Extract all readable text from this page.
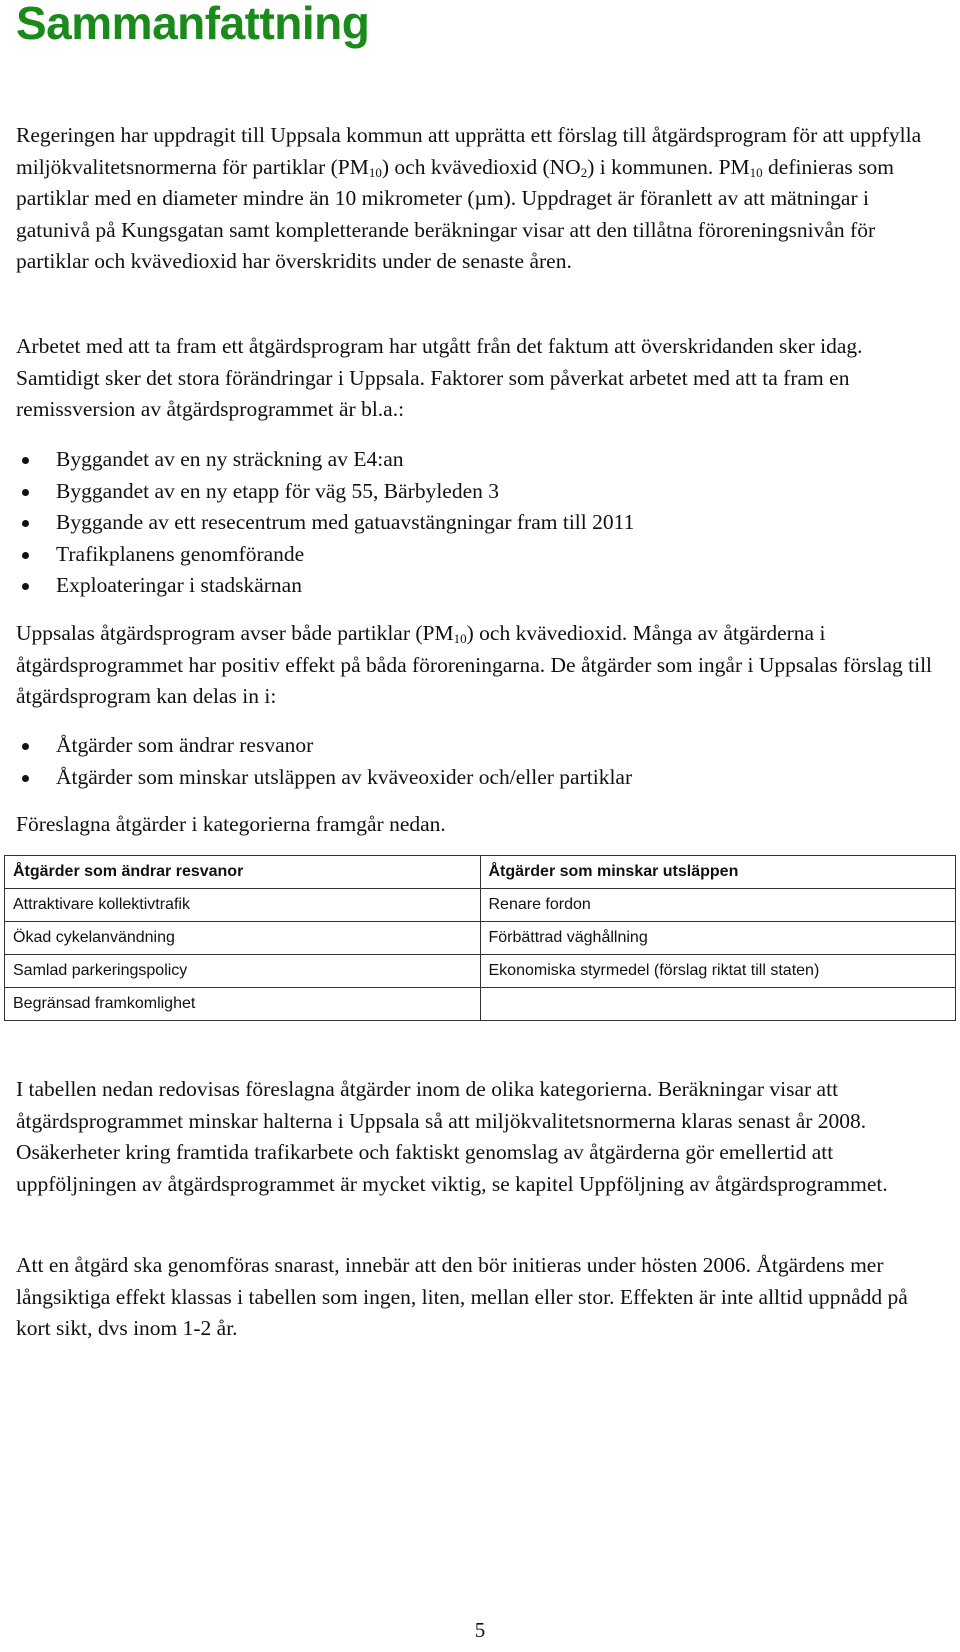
Sammanfattning

Regeringen har uppdragit till Uppsala kommun att upprätta ett förslag till åtgärdsprogram för att uppfylla miljökvalitetsnormerna för partiklar $(PM_{10})$ och kvävedioxid $(NO_2)$ i kommunen. $PM_{10}$ definieras som partiklar med en diameter mindre än 10 mikrometer (µm). Uppdraget är föranlett av att mätningar i gatunivå på Kungsgatan samt kompletterande beräkningar visar att den tillåtna föroreningsnivån för partiklar och kvävedioxid har överskridits under de senaste åren.

Arbetet med att ta fram ett åtgärdsprogram har utgått från det faktum att överskridanden sker idag. Samtidigt sker det stora förändringar i Uppsala. Faktorer som påverkat arbetet med att ta fram en remissversion av åtgärdsprogrammet är bl.a.:

Byggandet av en ny sträckning av E4:an
Byggandet av en ny etapp för väg 55, Bärbyleden 3
Byggande av ett resecentrum med gatuavstängningar fram till 2011
Trafikplanens genomförande
Exploateringar i stadskärnan

Uppsalas åtgärdsprogram avser både partiklar $(PM_{10})$ och kvävedioxid. Många av åtgärderna i åtgärdsprogrammet har positiv effekt på båda föroreningarna. De åtgärder som ingår i Uppsalas förslag till åtgärdsprogram kan delas in i:

Åtgärder som ändrar resvanor
Åtgärder som minskar utsläppen av kväveoxider och/eller partiklar

Föreslagna åtgärder i kategorierna framgår nedan.

Åtgärder som ändrar resvanor	Åtgärder som minskar utsläppen
Attraktivare kollektivtrafik	Renare fordon
Ökad cykelanvändning	Förbättrad väghållning
Samlad parkeringspolicy	Ekonomiska styrmedel (förslag riktat till staten)
Begränsad framkomlighet	

I tabellen nedan redovisas föreslagna åtgärder inom de olika kategorierna. Beräkningar visar att åtgärdsprogrammet minskar halterna i Uppsala så att miljökvalitetsnormerna klaras senast år 2008. Osäkerheter kring framtida trafikarbete och faktiskt genomslag av åtgärderna gör emellertid att uppföljningen av åtgärdsprogrammet är mycket viktig, se kapitel Uppföljning av åtgärdsprogrammet.

Att en åtgärd ska genomföras snarast, innebär att den bör initieras under hösten 2006. Åtgärdens mer långsiktiga effekt klassas i tabellen som ingen, liten, mellan eller stor. Effekten är inte alltid uppnådd på kort sikt, dvs inom 1-2 år.

5
